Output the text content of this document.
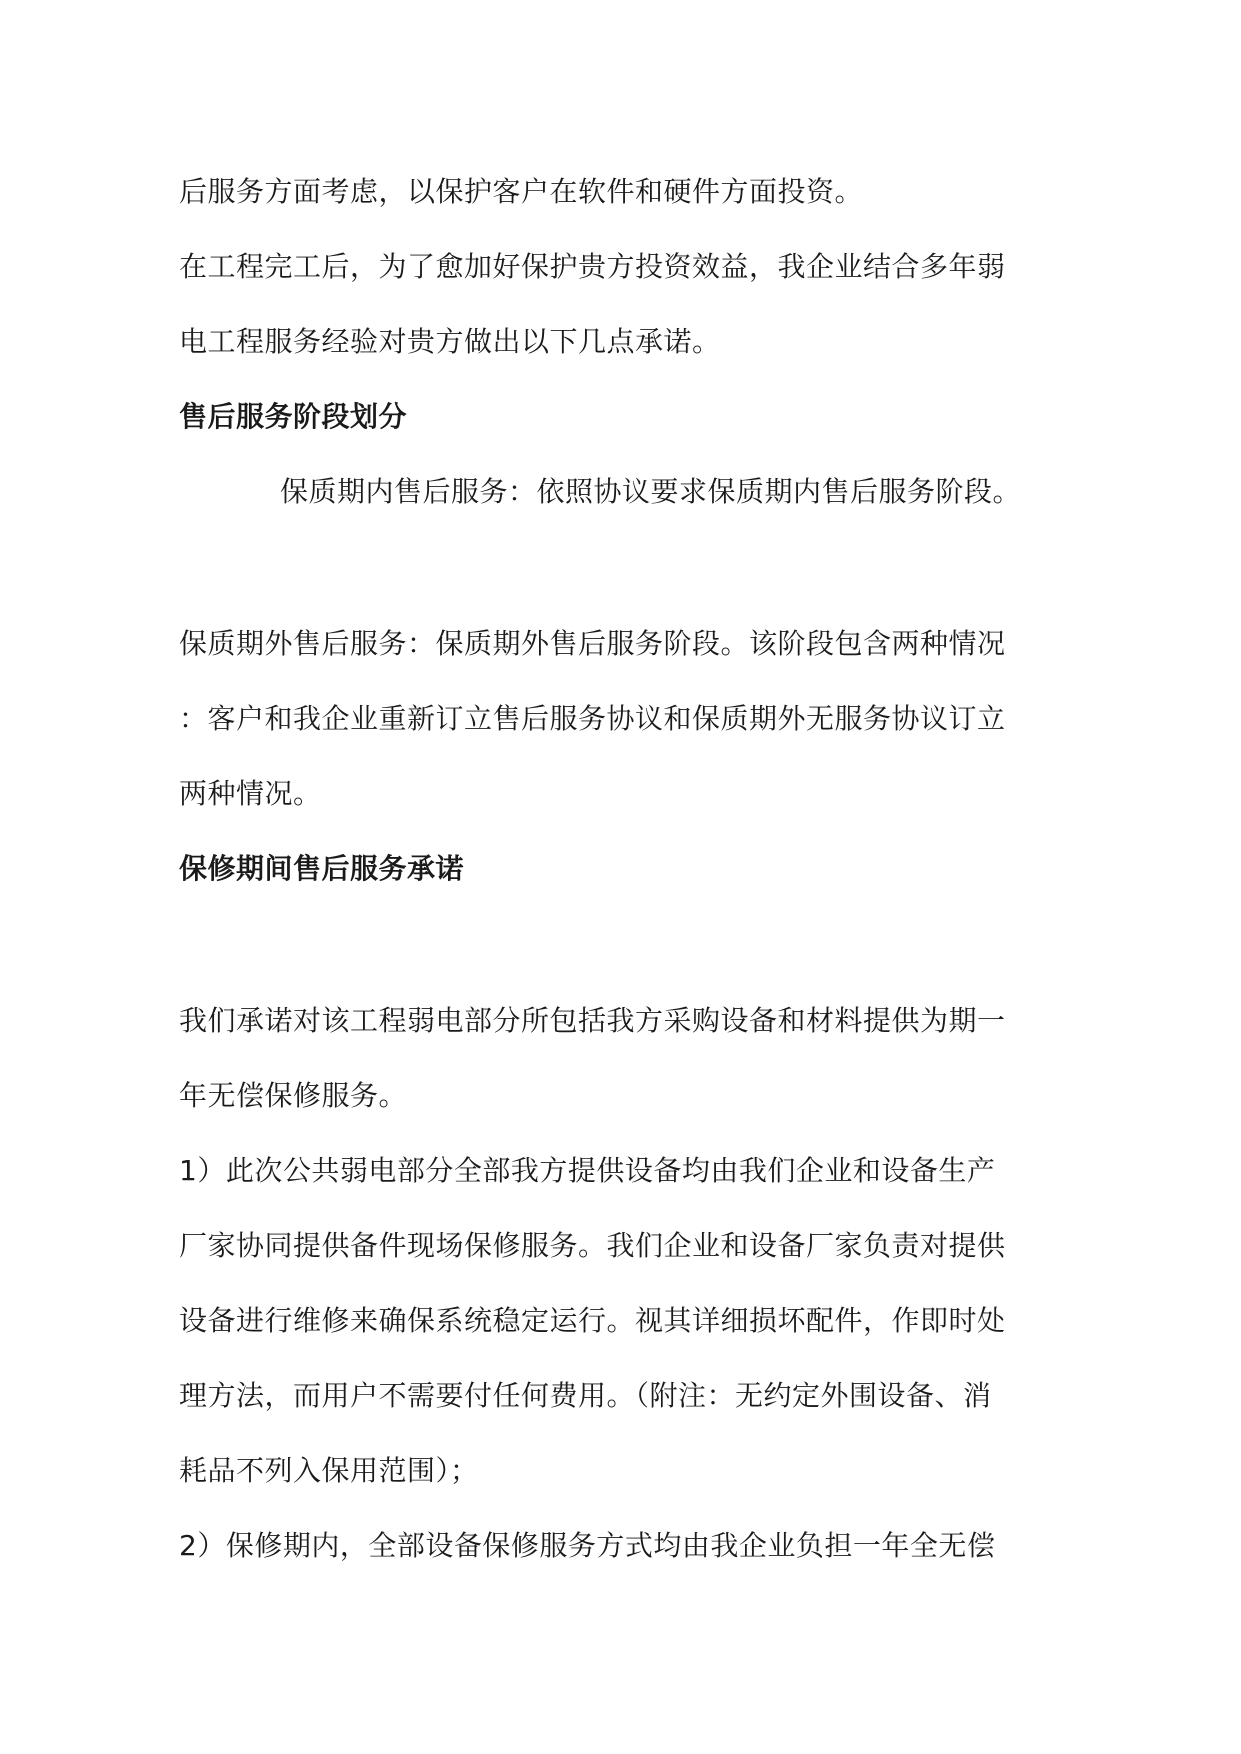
后服务方面考虑，以保护客户在软件和硬件方面投资。
在工程完工后，为了愈加好保护贵方投资效益，我企业结合多年弱
电工程服务经验对贵方做出以下几点承诺。
售后服务阶段划分
保质期内售后服务：依照协议要求保质期内售后服务阶段。
保质期外售后服务：保质期外售后服务阶段。该阶段包含两种情况
：客户和我企业重新订立售后服务协议和保质期外无服务协议订立
两种情况。
保修期间售后服务承诺
我们承诺对该工程弱电部分所包括我方采购设备和材料提供为期一
年无偿保修服务。
1）此次公共弱电部分全部我方提供设备均由我们企业和设备生产
厂家协同提供备件现场保修服务。我们企业和设备厂家负责对提供
设备进行维修来确保系统稳定运行。视其详细损坏配件，作即时处
理方法，而用户不需要付任何费用。（附注：无约定外围设备、消
耗品不列入保用范围）；
2）保修期内，全部设备保修服务方式均由我企业负担一年全无偿
